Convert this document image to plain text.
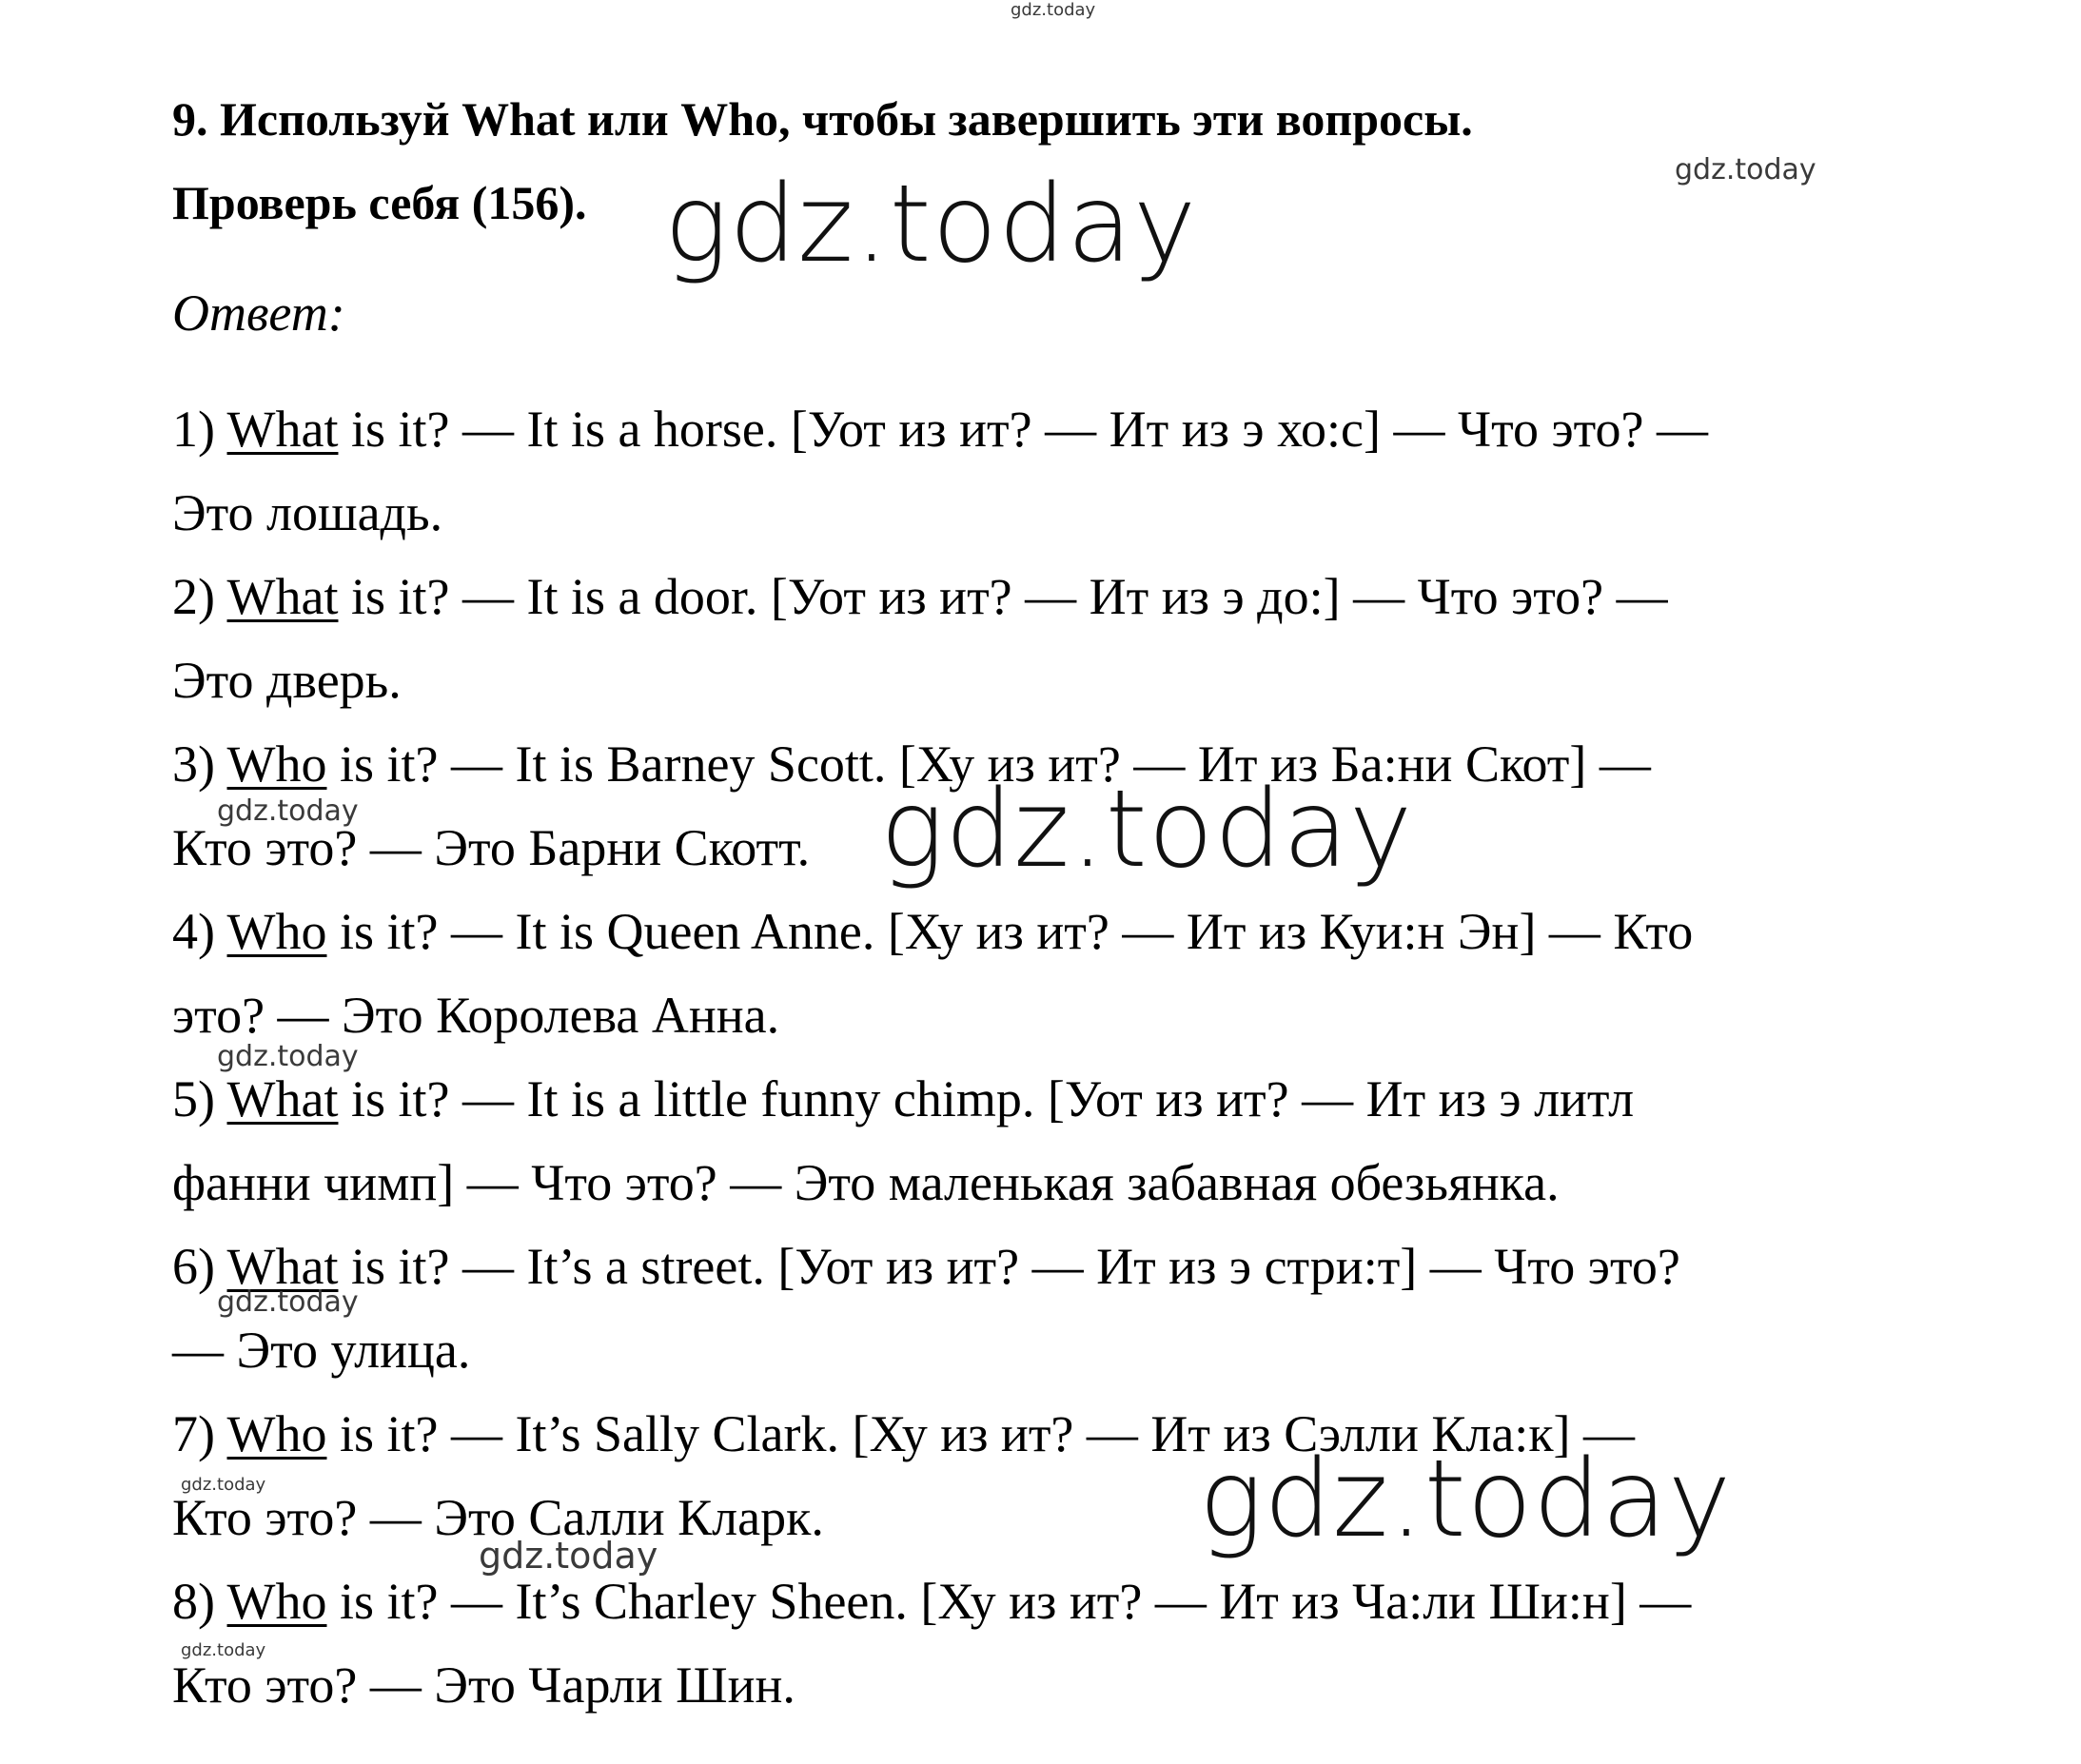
9. Используй What или Who, чтобы завершить эти вопросы.
Проверь себя (156).
Ответ:
1) What is it? — It is a horse. [Уот из ит? — Ит из э хо:с] — Что это? —
Это лошадь.
2) What is it? — It is a door. [Уот из ит? — Ит из э до:] — Что это? —
Это дверь.
3) Who is it? — It is Barney Scott. [Ху из ит? — Ит из Ба:ни Скот] —
Кто это? — Это Барни Скотт.
4) Who is it? — It is Queen Anne. [Ху из ит? — Ит из Куи:н Эн] — Кто
это? — Это Королева Анна.
5) What is it? — It is a little funny chimp. [Уот из ит? — Ит из э литл
фанни чимп] — Что это? — Это маленькая забавная обезьянка.
6) What is it? — It’s a street. [Уот из ит? — Ит из э стри:т] — Что это?
— Это улица.
7) Who is it? — It’s Sally Clark. [Ху из ит? — Ит из Сэлли Кла:к] —
Кто это? — Это Салли Кларк.
8) Who is it? — It’s Charley Sheen. [Ху из ит? — Ит из Ча:ли Ши:н] —
Кто это? — Это Чарли Шин.
gdz.today
gdz.today
gdz.today
gdz.today	gdz.today
gdz.today
gdz.today
gdz.today
gdz.today	gdz.today
gdz.today
